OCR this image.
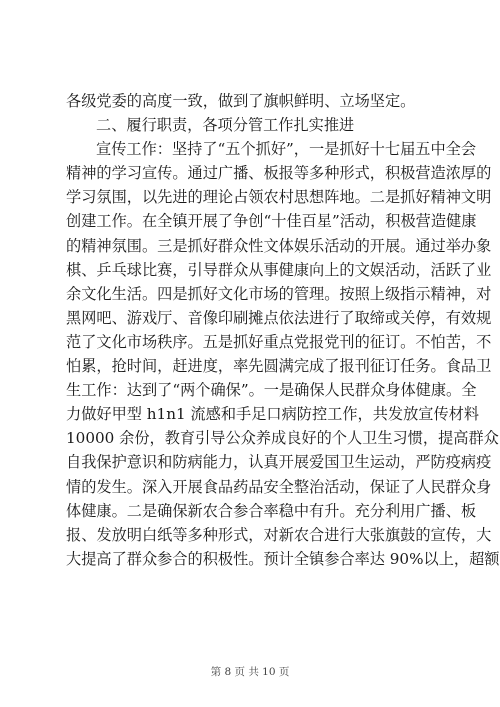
各级党委的高度一致，做到了旗帜鲜明、立场坚定。
二、履行职责，各项分管工作扎实推进
宣传工作：坚持了“五个抓好”，一是抓好十七届五中全会
精神的学习宣传。通过广播、板报等多种形式，积极营造浓厚的
学习氛围，以先进的理论占领农村思想阵地。二是抓好精神文明
创建工作。在全镇开展了争创“十佳百星”活动，积极营造健康
的精神氛围。三是抓好群众性文体娱乐活动的开展。通过举办象
棋、乒乓球比赛，引导群众从事健康向上的文娱活动，活跃了业
余文化生活。四是抓好文化市场的管理。按照上级指示精神，对
黑网吧、游戏厅、音像印刷摊点依法进行了取缔或关停，有效规
范了文化市场秩序。五是抓好重点党报党刊的征订。不怕苦，不
怕累，抢时间，赶进度，率先圆满完成了报刊征订任务。食品卫
生工作：达到了“两个确保”。一是确保人民群众身体健康。全
力做好甲型 h1n1 流感和手足口病防控工作，共发放宣传材料
10000 余份，教育引导公众养成良好的个人卫生习惯，提高群众
自我保护意识和防病能力，认真开展爱国卫生运动，严防疫病疫
情的发生。深入开展食品药品安全整治活动，保证了人民群众身
体健康。二是确保新农合参合率稳中有升。充分利用广播、板
报、发放明白纸等多种形式，对新农合进行大张旗鼓的宣传，大
大提高了群众参合的积极性。预计全镇参合率达 90%以上，超额
第 8 页 共 10 页
